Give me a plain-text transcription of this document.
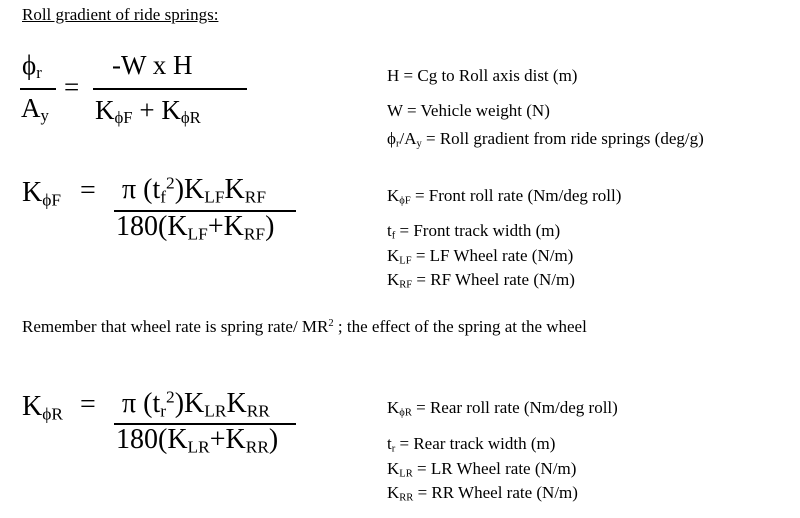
Roll gradient of ride springs:
$\phi_r$
$A_y$
=
-W x H
$K_{\phi F} + K_{\phi R}$
H = Cg to Roll axis dist (m)
W = Vehicle weight (N)
$\phi_r/A_y$ = Roll gradient from ride springs (deg/g)
$K_{\phi F} = \pi$ $(t_f^2)K_{LF}K_{RF}$
$180(K_{LF}+K_{RF})$
$K_{\phi F}$ = Front roll rate (Nm/deg roll)
$t_f$ = Front track width (m)
$K_{LF}$ = LF Wheel rate (N/m)
$K_{RF}$ = RF Wheel rate (N/m)
Remember that wheel rate is spring rate/ $MR^2$ ; the effect of the spring at the wheel
$K_{\phi R} = \pi$ $(t_r^2)K_{LR}K_{RR}$
$180(K_{LR}+K_{RR})$
$K_{\phi R}$ = Rear roll rate (Nm/deg roll)
$t_r$ = Rear track width (m)
$K_{LR}$ = LR Wheel rate (N/m)
$K_{RR}$ = RR Wheel rate (N/m)
